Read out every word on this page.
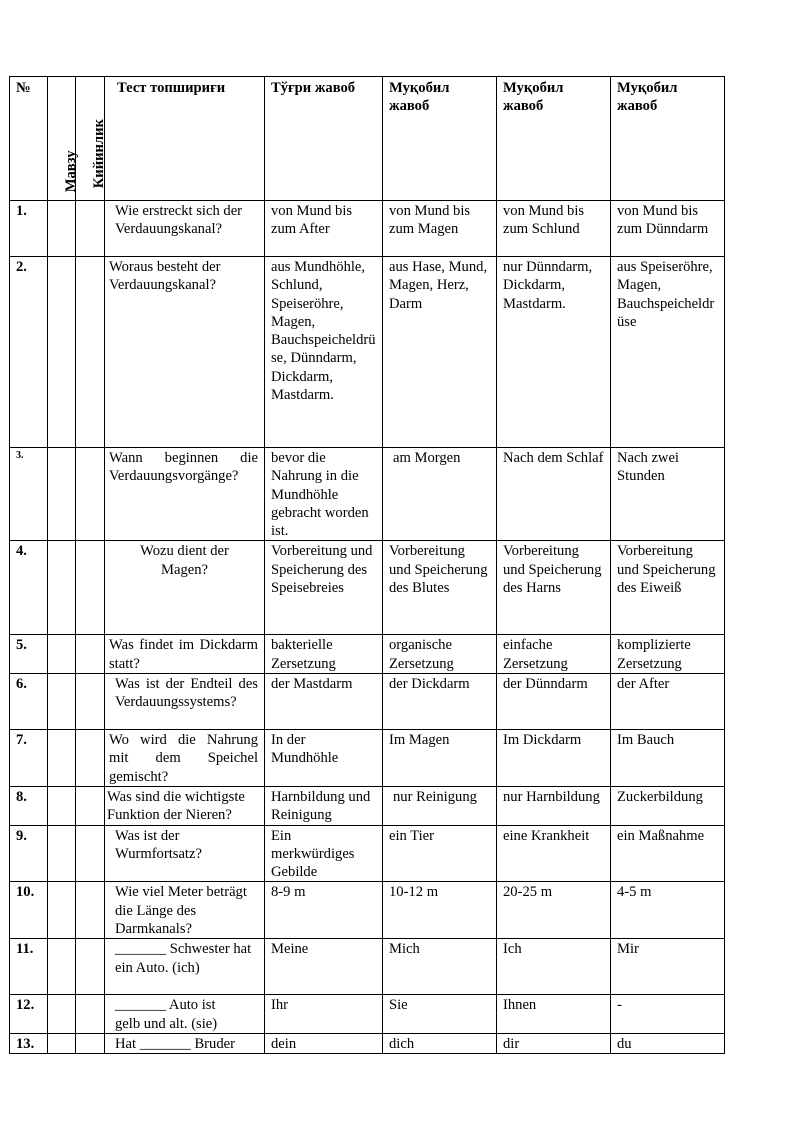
№	Мавзу	Кийинлик	Тест топшириғи	Тўғри жавоб	Муқобил жавоб	Муқобил жавоб	Муқобил жавоб
1.			Wie erstreckt sich der Verdauungskanal?	von Mund bis zum After	von Mund bis zum Magen	von Mund bis zum Schlund	von Mund bis zum Dünndarm
2.			Woraus besteht der Verdauungskanal?	aus Mundhöhle, Schlund, Speiseröhre, Magen, Bauchspeicheldrüse, Dünndarm, Dickdarm, Mastdarm.	aus Hase, Mund, Magen, Herz, Darm	nur Dünndarm, Dickdarm, Mastdarm.	aus Speiseröhre, Magen, Bauchspeicheldrüse
3.			Wann beginnen die Verdauungsvorgänge?	bevor die Nahrung in die Mundhöhle gebracht worden ist.	am Morgen	Nach dem Schlaf	Nach zwei Stunden
4.			Wozu dient der Magen?	Vorbereitung und Speicherung des Speisebreies	Vorbereitung und Speicherung des Blutes	Vorbereitung und Speicherung des Harns	Vorbereitung und Speicherung des Eiweiß
5.			Was findet im Dickdarm statt?	bakterielle Zersetzung	organische Zersetzung	einfache Zersetzung	komplizierte Zersetzung
6.			Was ist der Endteil des Verdauungssystems?	der Mastdarm	der Dickdarm	der Dünndarm	der After
7.			Wo wird die Nahrung mit dem Speichel gemischt?	In der Mundhöhle	Im Magen	Im Dickdarm	Im Bauch
8.			Was sind die wichtigste Funktion der Nieren?	Harnbildung und Reinigung	nur Reinigung	nur Harnbildung	Zuckerbildung
9.			Was ist der Wurmfortsatz?	Ein merkwürdiges Gebilde	ein Tier	eine Krankheit	ein Maßnahme
10.			Wie viel Meter beträgt die Länge des Darmkanals?	8-9 m	10-12 m	20-25 m	4-5 m
11.			_______ Schwester hat ein Auto. (ich)	Meine	Mich	Ich	Mir
12.			_______ Auto ist gelb und alt. (sie)	Ihr	Sie	Ihnen	-
13.			Hat _______ Bruder	dein	dich	dir	du
